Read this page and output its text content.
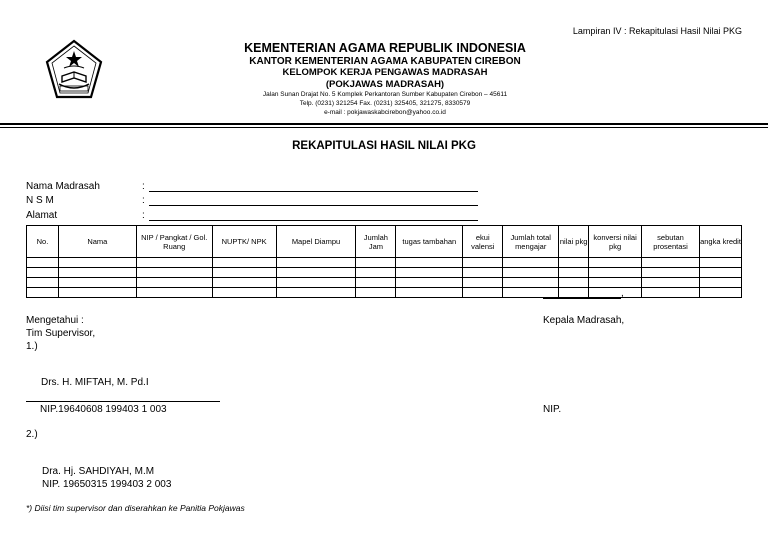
Lampiran IV : Rekapitulasi Hasil Nilai PKG
KEMENTERIAN AGAMA REPUBLIK INDONESIA
KANTOR KEMENTERIAN AGAMA KABUPATEN CIREBON
KELOMPOK KERJA PENGAWAS MADRASAH
(POKJAWAS MADRASAH)
Jalan Sunan Drajat No. 5 Komplek Perkantoran Sumber Kabupaten Cirebon – 45611
Telp. (0231) 321254 Fax. (0231) 325405, 321275, 8330579
e-mail : pokjawaskabcirebon@yahoo.co.id
REKAPITULASI HASIL NILAI PKG
Nama Madrasah	:
N S M	:
Alamat	:
No.	Nama	NIP / Pangkat / Gol. Ruang	NUPTK/ NPK	Mapel Diampu	Jumlah Jam	tugas tambahan	ekui valensi	Jumlah total mengajar	nilai pkg	konversi nilai pkg	sebutan prosentasi	angka kredit

,
Mengetahui :
Tim Supervisor,
1.)
Kepala Madrasah,
Drs. H. MIFTAH, M. Pd.I
NIP.19640608 199403 1 003	NIP.
2.)
Dra. Hj. SAHDIYAH, M.M
NIP. 19650315 199403 2 003
*) Diisi tim supervisor dan diserahkan ke Panitia Pokjawas
